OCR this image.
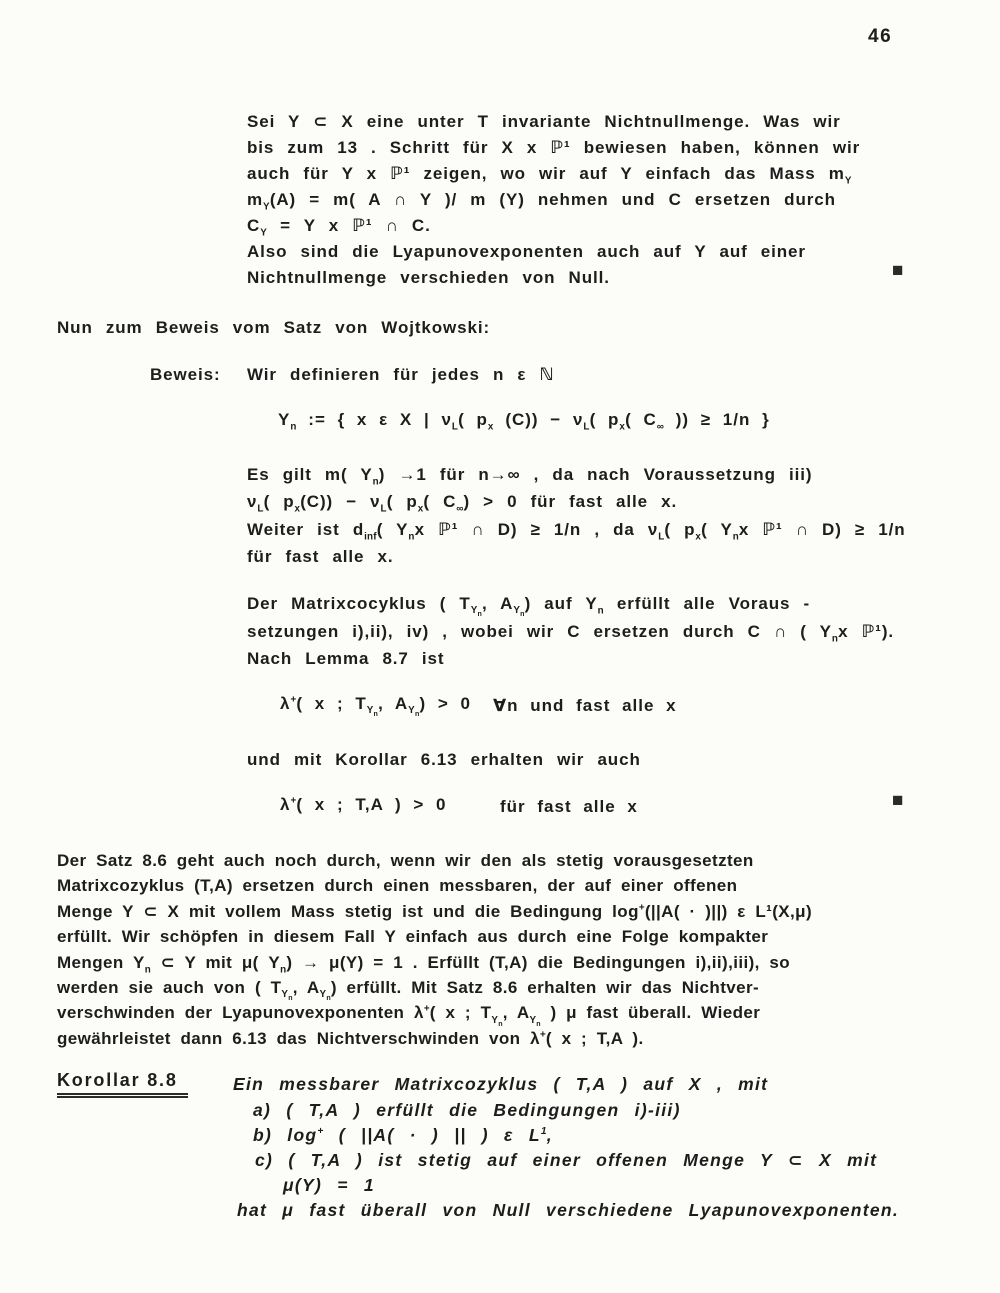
46
Sei Y ⊂ X eine unter T invariante Nichtnullmenge. Was wir
bis zum 13 . Schritt für X x ℙ¹ bewiesen haben, können wir
auch für Y x ℙ¹ zeigen, wo wir auf Y einfach das Mass $m_Y$
$m_Y(A) = m$( A ∩ Y )/ m (Y) nehmen und C ersetzen durch
$C_Y = Y$ x ℙ¹ ∩ C.
Also sind die Lyapunovexponenten auch auf Y auf einer
Nichtnullmenge verschieden von Null.	■
Nun zum Beweis vom Satz von Wojtkowski:
Beweis: Wir definieren für jedes n ε ℕ
$Y_n$ := { x ε X | $\nu_L$( $p_x$ $(C)) - \nu_L$( $p_x$( $C_\infty$ )) ≥ 1/n }
Es gilt m( $Y_n) \to 1$ für n→∞ , da nach Voraussetzung iii)
$\nu_L$( $p_x(C)) - \nu_L$( $p_x$( $C_\infty) > 0$ für fast alle x.
Weiter ist $d_{inf}$( $Y_nx$ ℙ¹ ∩ D) ≥ 1/n , da $\nu_L$( $p_x$( $Y_nx$ ℙ¹ ∩ D) ≥ 1/n
für fast alle x.
Der Matrixcocyklus ( $T_{Y_n}$, $A_{Y_n}$) auf $Y_n$ erfüllt alle Voraus -
setzungen i),ii), iv) , wobei wir C ersetzen durch C ∩ ( $Y_nx$ ℙ¹).
Nach Lemma 8.7 ist
λ+( x ; $T_{Y_n}$, $A_{Y_n}) > 0$ ∀n und fast alle x
und mit Korollar 6.13 erhalten wir auch
λ+( x ; T,A ) > 0	für fast alle x	■
Der Satz 8.6 geht auch noch durch, wenn wir den als stetig vorausgesetzten
Matrixcozyklus (T,A) ersetzen durch einen messbaren, der auf einer offenen
Menge Y ⊂ X mit vollem Mass stetig ist und die Bedingung log+(||A( · )||) ε L¹(X,μ)
erfüllt. Wir schöpfen in diesem Fall Y einfach aus durch eine Folge kompakter
Mengen $Y_n$ ⊂ Y mit μ( $Y_n) \to \mu(Y) = 1$ . Erfüllt (T,A) die Bedingungen i),ii),iii), so
werden sie auch von ( $T_{Y_n}$, $A_{Y_n}$) erfüllt. Mit Satz 8.6 erhalten wir das Nichtver-
verschwinden der Lyapunovexponenten λ+( x ; $T_{Y_n}$, $A_{Y_n}$ ) μ fast überall. Wieder
gewährleistet dann 6.13 das Nichtverschwinden von λ+( x ; T,A ).
Korollar 8.8	Ein messbarer Matrixcozyklus ( T,A ) auf X , mit
a) ( T,A ) erfüllt die Bedingungen i)-iii)
b) log+ ( ||A( · ) || ) ε $L^1$,
c) ( T,A ) ist stetig auf einer offenen Menge Y ⊂ X mit
μ(Y) = 1
hat μ fast überall von Null verschiedene Lyapunovexponenten.
